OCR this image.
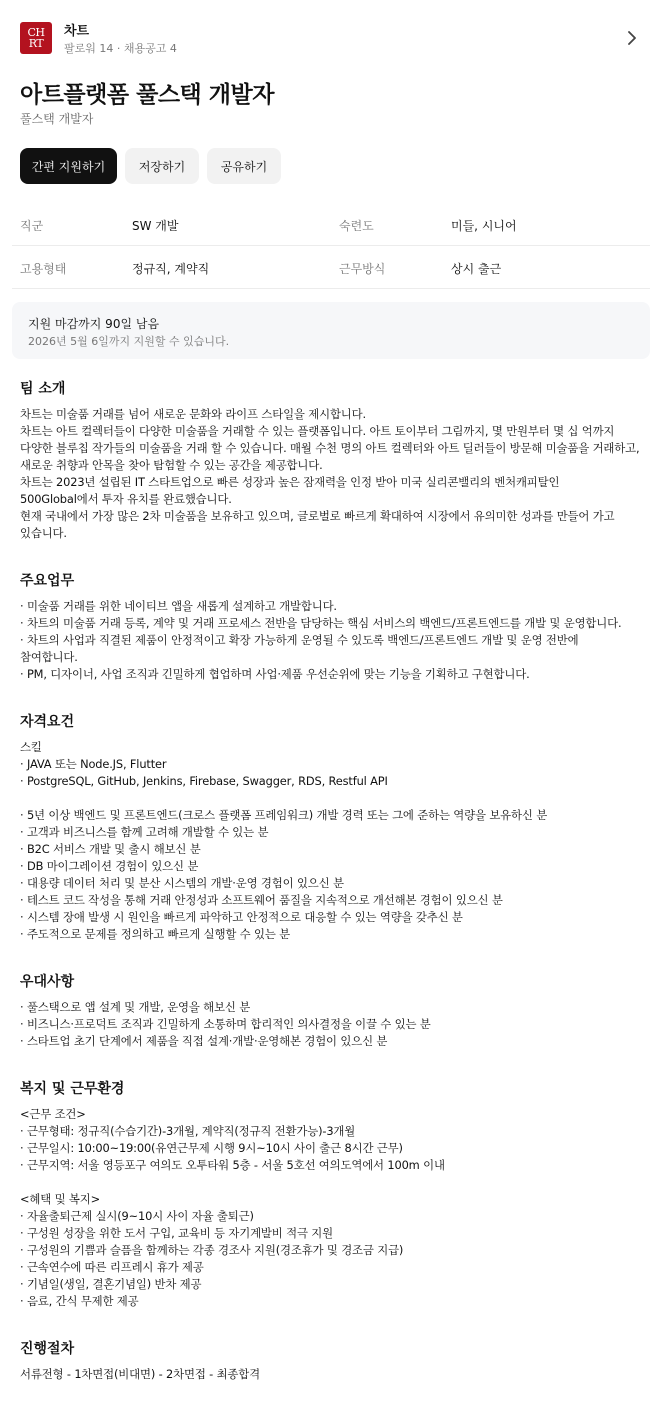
CH
RT
차트
팔로워 14 · 채용공고 4
아트플랫폼 풀스택 개발자
풀스택 개발자
간편 지원하기	저장하기	공유하기
직군	SW 개발	숙련도	미들, 시니어
고용형태	정규직, 계약직	근무방식	상시 출근
지원 마감까지 90일 남음
2026년 5월 6일까지 지원할 수 있습니다.
팀 소개
차트는 미술품 거래를 넘어 새로운 문화와 라이프 스타일을 제시합니다.
차트는 아트 컬렉터들이 다양한 미술품을 거래할 수 있는 플랫폼입니다. 아트 토이부터 그림까지, 몇 만원부터 몇 십 억까지
다양한 블루칩 작가들의 미술품을 거래 할 수 있습니다. 매월 수천 명의 아트 컬렉터와 아트 딜러들이 방문해 미술품을 거래하고,
새로운 취향과 안목을 찾아 탐험할 수 있는 공간을 제공합니다.
차트는 2023년 설립된 IT 스타트업으로 빠른 성장과 높은 잠재력을 인정 받아 미국 실리콘밸리의 벤처캐피탈인
500Global에서 투자 유치를 완료했습니다.
현재 국내에서 가장 많은 2차 미술품을 보유하고 있으며, 글로벌로 빠르게 확대하여 시장에서 유의미한 성과를 만들어 가고
있습니다.
주요업무
· 미술품 거래를 위한 네이티브 앱을 새롭게 설계하고 개발합니다.
· 차트의 미술품 거래 등록, 계약 및 거래 프로세스 전반을 담당하는 핵심 서비스의 백엔드/프론트엔드를 개발 및 운영합니다.
· 차트의 사업과 직결된 제품이 안정적이고 확장 가능하게 운영될 수 있도록 백엔드/프론트엔드 개발 및 운영 전반에
참여합니다.
· PM, 디자이너, 사업 조직과 긴밀하게 협업하며 사업·제품 우선순위에 맞는 기능을 기획하고 구현합니다.
자격요건
스킬
· JAVA 또는 Node.JS, Flutter
· PostgreSQL, GitHub, Jenkins, Firebase, Swagger, RDS, Restful API
· 5년 이상 백엔드 및 프론트엔드(크로스 플랫폼 프레임워크) 개발 경력 또는 그에 준하는 역량을 보유하신 분
· 고객과 비즈니스를 함께 고려해 개발할 수 있는 분
· B2C 서비스 개발 및 출시 해보신 분
· DB 마이그레이션 경험이 있으신 분
· 대용량 데이터 처리 및 분산 시스템의 개발·운영 경험이 있으신 분
· 테스트 코드 작성을 통해 거래 안정성과 소프트웨어 품질을 지속적으로 개선해본 경험이 있으신 분
· 시스템 장애 발생 시 원인을 빠르게 파악하고 안정적으로 대응할 수 있는 역량을 갖추신 분
· 주도적으로 문제를 정의하고 빠르게 실행할 수 있는 분
우대사항
· 풀스택으로 앱 설계 및 개발, 운영을 해보신 분
· 비즈니스·프로덕트 조직과 긴밀하게 소통하며 합리적인 의사결정을 이끌 수 있는 분
· 스타트업 초기 단계에서 제품을 직접 설계·개발·운영해본 경험이 있으신 분
복지 및 근무환경
<근무 조건>
· 근무형태: 정규직(수습기간)-3개월, 계약직(정규직 전환가능)-3개월
· 근무일시: 10:00~19:00(유연근무제 시행 9시~10시 사이 출근 8시간 근무)
· 근무지역: 서울 영등포구 여의도 오투타워 5층 - 서울 5호선 여의도역에서 100m 이내
<혜택 및 복지>
· 자율출퇴근제 실시(9~10시 사이 자율 출퇴근)
· 구성원 성장을 위한 도서 구입, 교육비 등 자기계발비 적극 지원
· 구성원의 기쁨과 슬픔을 함께하는 각종 경조사 지원(경조휴가 및 경조금 지급)
· 근속연수에 따른 리프레시 휴가 제공
· 기념일(생일, 결혼기념일) 반차 제공
· 음료, 간식 무제한 제공
진행절차
서류전형 - 1차면접(비대면) - 2차면접 - 최종합격
